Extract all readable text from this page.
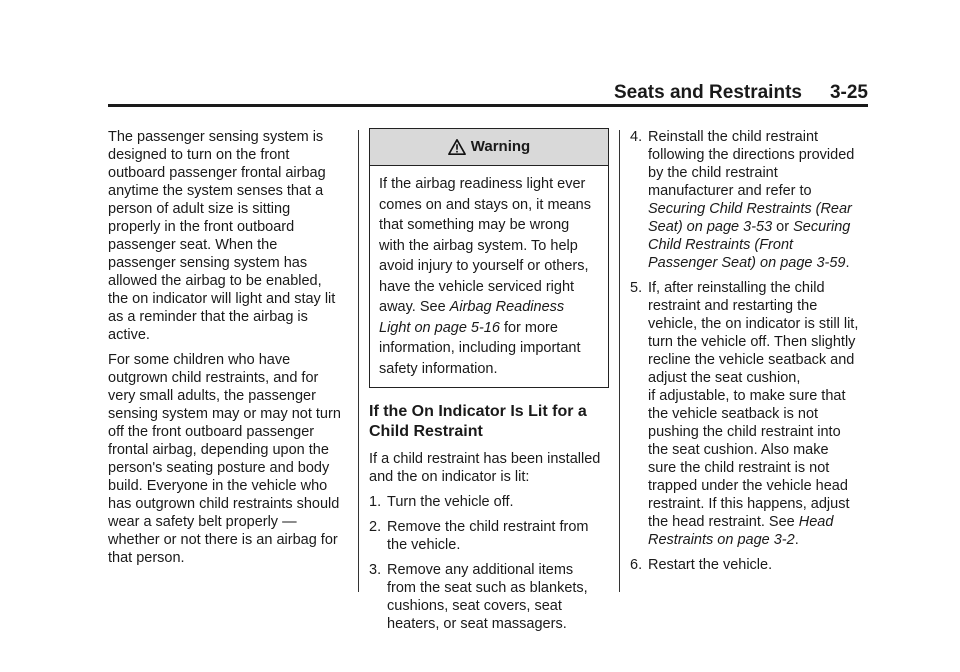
Seats and Restraints 3-25

The passenger sensing system is
designed to turn on the front
outboard passenger frontal airbag
anytime the system senses that a
person of adult size is sitting
properly in the front outboard
passenger seat. When the
passenger sensing system has
allowed the airbag to be enabled,
the on indicator will light and stay lit
as a reminder that the airbag is
active.

For some children who have
outgrown child restraints, and for
very small adults, the passenger
sensing system may or may not turn
off the front outboard passenger
frontal airbag, depending upon the
person's seating posture and body
build. Everyone in the vehicle who
has outgrown child restraints should
wear a safety belt properly —
whether or not there is an airbag for
that person.

Warning

If the airbag readiness light ever
comes on and stays on, it means
that something may be wrong
with the airbag system. To help
avoid injury to yourself or others,
have the vehicle serviced right
away. See Airbag Readiness
Light on page 5-16 for more
information, including important
safety information.

If the On Indicator Is Lit for a
Child Restraint

If a child restraint has been installed
and the on indicator is lit:

1. Turn the vehicle off.
2. Remove the child restraint from
the vehicle.
3. Remove any additional items
from the seat such as blankets,
cushions, seat covers, seat
heaters, or seat massagers.
4. Reinstall the child restraint
following the directions provided
by the child restraint
manufacturer and refer to
Securing Child Restraints (Rear
Seat) on page 3-53 or Securing
Child Restraints (Front
Passenger Seat) on page 3-59.
5. If, after reinstalling the child
restraint and restarting the
vehicle, the on indicator is still lit,
turn the vehicle off. Then slightly
recline the vehicle seatback and
adjust the seat cushion,
if adjustable, to make sure that
the vehicle seatback is not
pushing the child restraint into
the seat cushion. Also make
sure the child restraint is not
trapped under the vehicle head
restraint. If this happens, adjust
the head restraint. See Head
Restraints on page 3-2.
6. Restart the vehicle.
